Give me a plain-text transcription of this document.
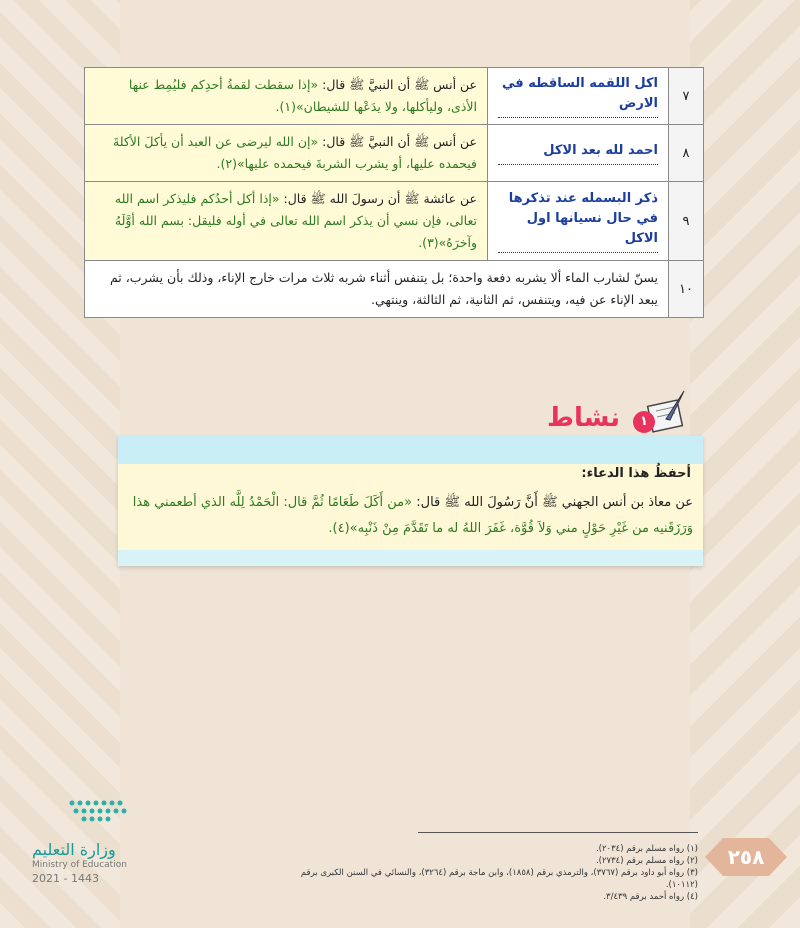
٧	اكل اللقمه الساقطه في الارض	عن أنس ﷺ أن النبيَّ ﷺ قال: «إذا سقطت لقمةُ أحدِكم فليُمِط عنها الأذى، وليأكلها، ولا يدَعْها للشيطان»(١).
٨	احمد لله بعد الاكل	عن أنس ﷺ أن النبيَّ ﷺ قال: «إن الله ليرضى عن العبد أن يأكلَ الأكلةَ فيحمده عليها، أو يشرب الشربةَ فيحمده عليها»(٢).
٩	ذكر البسمله عند تذكرها في حال نسيانها اول الاكل	عن عائشة ﷺ أن رسولَ الله ﷺ قال: «إذا أكل أحدُكم فليذكر اسم الله تعالى، فإن نسي أن يذكر اسم الله تعالى في أوله فليقل: بسم الله أوَّلَهُ وآخرَهُ»(٣).
١٠	يسنّ لشارب الماء ألا يشربه دفعة واحدة؛ بل يتنفس أثناء شربه ثلاث مرات خارج الإناء، وذلك بأن يشرب، ثم يبعد الإناء عن فيه، ويتنفس، ثم الثانية، ثم الثالثة، وينتهي.	
نشاط	١
أحفظُ هذا الدعاء:
عن معاذ بن أنس الجهني ﷺ أَنَّ رَسُولَ الله ﷺ قال: «من أَكَلَ طَعَامًا ثُمَّ قال: الْحَمْدُ لِلَّه الذي أطعمني هذا وَرَزَقَنيه من غَيْرِ حَوْلٍ مني وَلاَ قُوَّة، غَفَرَ اللهُ له ما تَقَدَّمَ مِنْ ذَنْبِه»(٤).
(١) رواه مسلم برقم (٢٠٣٤).
(٢) رواه مسلم برقم (٢٧٣٤).
(٣) رواه أبو داود برقم (٣٧٦٧)، والترمذي برقم (١٨٥٨)، وابن ماجة برقم (٣٢٦٤)، والنسائي في السنن الكبرى برقم (١٠١١٢).
(٤) رواه أحمد برقم ٣/٤٣٩.
٢٥٨
وزارة التعليم
Ministry of Education
2021 - 1443
